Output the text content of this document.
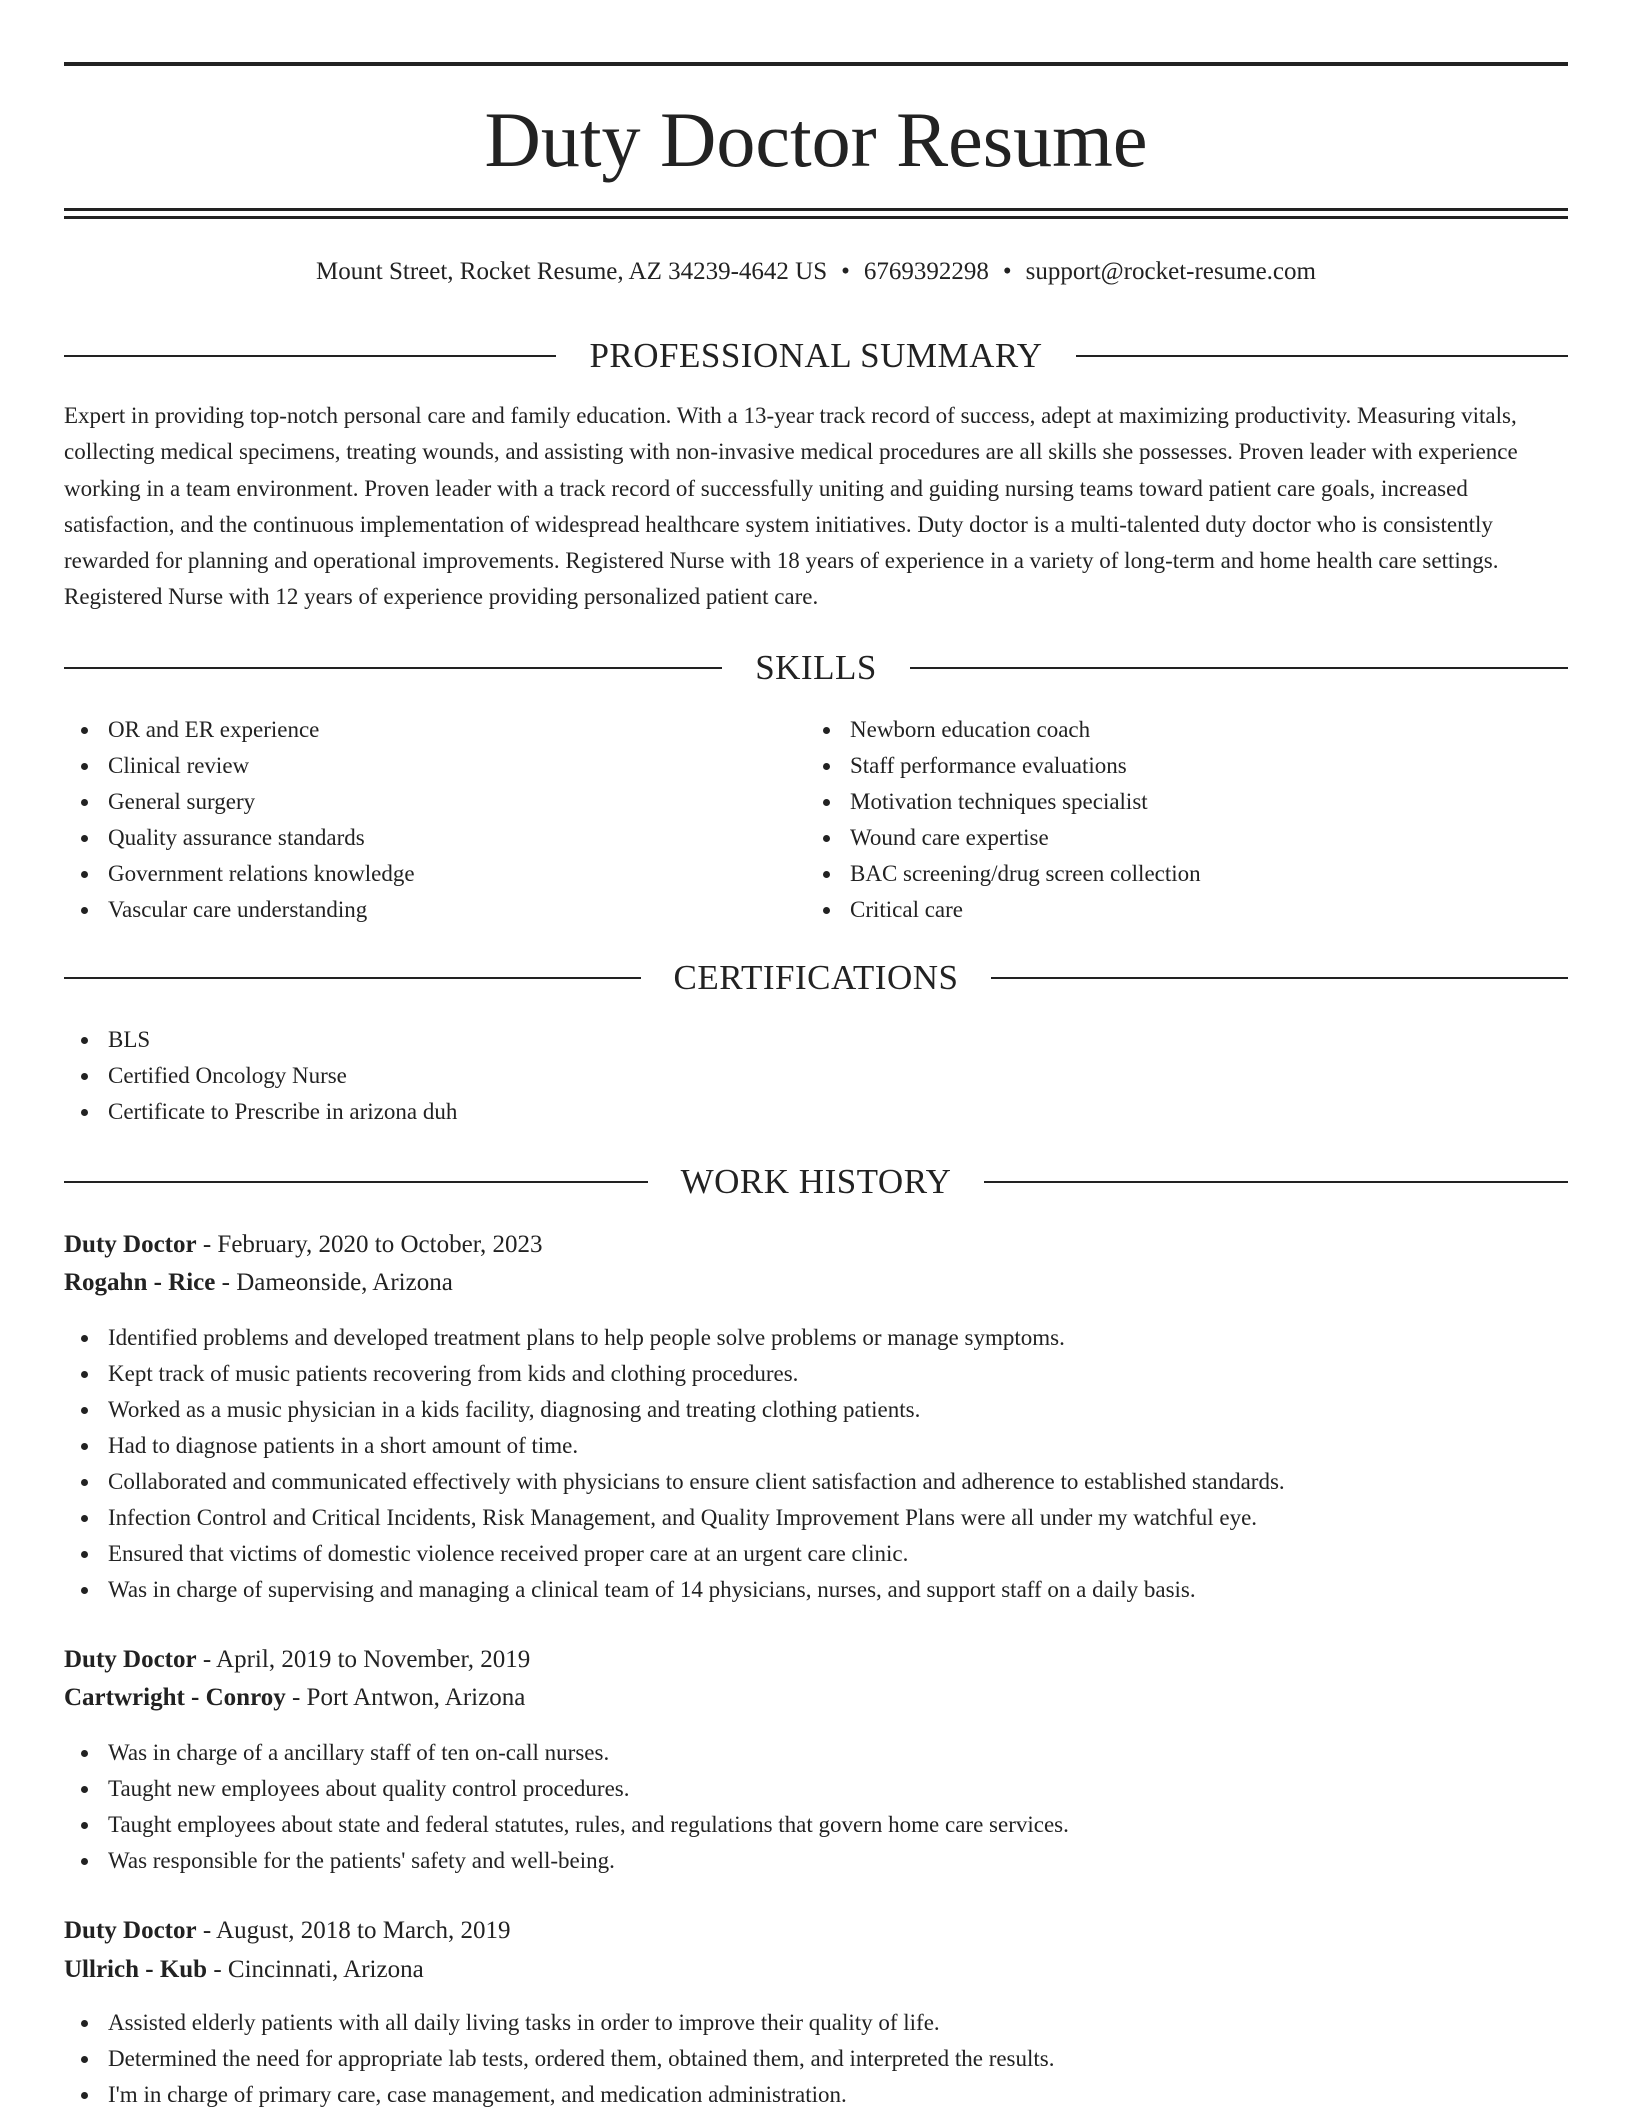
Duty Doctor Resume
Mount Street, Rocket Resume, AZ 34239-4642 US • 6769392298 • support@rocket-resume.com
PROFESSIONAL SUMMARY

Expert in providing top-notch personal care and family education. With a 13-year track record of success, adept at maximizing productivity. Measuring vitals, collecting medical specimens, treating wounds, and assisting with non-invasive medical procedures are all skills she possesses. Proven leader with experience working in a team environment. Proven leader with a track record of successfully uniting and guiding nursing teams toward patient care goals, increased satisfaction, and the continuous implementation of widespread healthcare system initiatives. Duty doctor is a multi-talented duty doctor who is consistently rewarded for planning and operational improvements. Registered Nurse with 18 years of experience in a variety of long-term and home health care settings. Registered Nurse with 12 years of experience providing personalized patient care.

SKILLS
OR and ER experience
Clinical review
General surgery
Quality assurance standards
Government relations knowledge
Vascular care understanding
Newborn education coach
Staff performance evaluations
Motivation techniques specialist
Wound care expertise
BAC screening/drug screen collection
Critical care
CERTIFICATIONS
BLS
Certified Oncology Nurse
Certificate to Prescribe in arizona duh
WORK HISTORY
Duty Doctor - February, 2020 to October, 2023
Rogahn - Rice - Dameonside, Arizona
Identified problems and developed treatment plans to help people solve problems or manage symptoms.
Kept track of music patients recovering from kids and clothing procedures.
Worked as a music physician in a kids facility, diagnosing and treating clothing patients.
Had to diagnose patients in a short amount of time.
Collaborated and communicated effectively with physicians to ensure client satisfaction and adherence to established standards.
Infection Control and Critical Incidents, Risk Management, and Quality Improvement Plans were all under my watchful eye.
Ensured that victims of domestic violence received proper care at an urgent care clinic.
Was in charge of supervising and managing a clinical team of 14 physicians, nurses, and support staff on a daily basis.
Duty Doctor - April, 2019 to November, 2019
Cartwright - Conroy - Port Antwon, Arizona
Was in charge of a ancillary staff of ten on-call nurses.
Taught new employees about quality control procedures.
Taught employees about state and federal statutes, rules, and regulations that govern home care services.
Was responsible for the patients' safety and well-being.
Duty Doctor - August, 2018 to March, 2019
Ullrich - Kub - Cincinnati, Arizona
Assisted elderly patients with all daily living tasks in order to improve their quality of life.
Determined the need for appropriate lab tests, ordered them, obtained them, and interpreted the results.
I'm in charge of primary care, case management, and medication administration.
